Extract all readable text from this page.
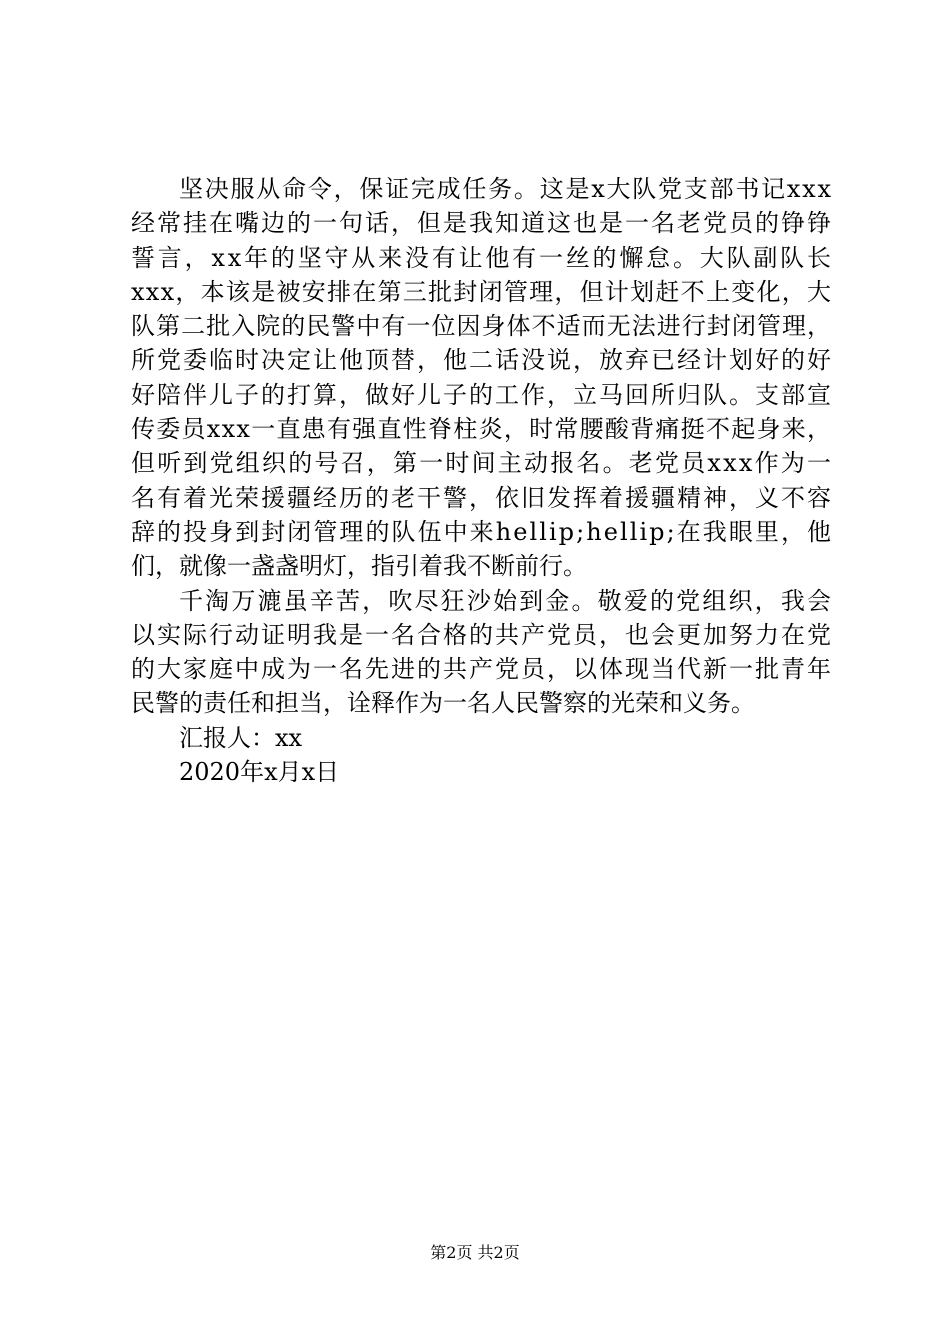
坚决服从命令，保证完成任务。这是x大队党支部书记xxx
经常挂在嘴边的一句话，但是我知道这也是一名老党员的铮铮
誓言，xx年的坚守从来没有让他有一丝的懈怠。大队副队长
xxx，本该是被安排在第三批封闭管理，但计划赶不上变化，大
队第二批入院的民警中有一位因身体不适而无法进行封闭管理，
所党委临时决定让他顶替，他二话没说，放弃已经计划好的好
好陪伴儿子的打算，做好儿子的工作，立马回所归队。支部宣
传委员xxx一直患有强直性脊柱炎，时常腰酸背痛挺不起身来，
但听到党组织的号召，第一时间主动报名。老党员xxx作为一
名有着光荣援疆经历的老干警，依旧发挥着援疆精神，义不容
辞的投身到封闭管理的队伍中来hellip;hellip;在我眼里，他
们，就像一盏盏明灯，指引着我不断前行。
千淘万漉虽辛苦，吹尽狂沙始到金。敬爱的党组织，我会
以实际行动证明我是一名合格的共产党员，也会更加努力在党
的大家庭中成为一名先进的共产党员，以体现当代新一批青年
民警的责任和担当，诠释作为一名人民警察的光荣和义务。
汇报人：xx
2020年x月x日
第2页 共2页
